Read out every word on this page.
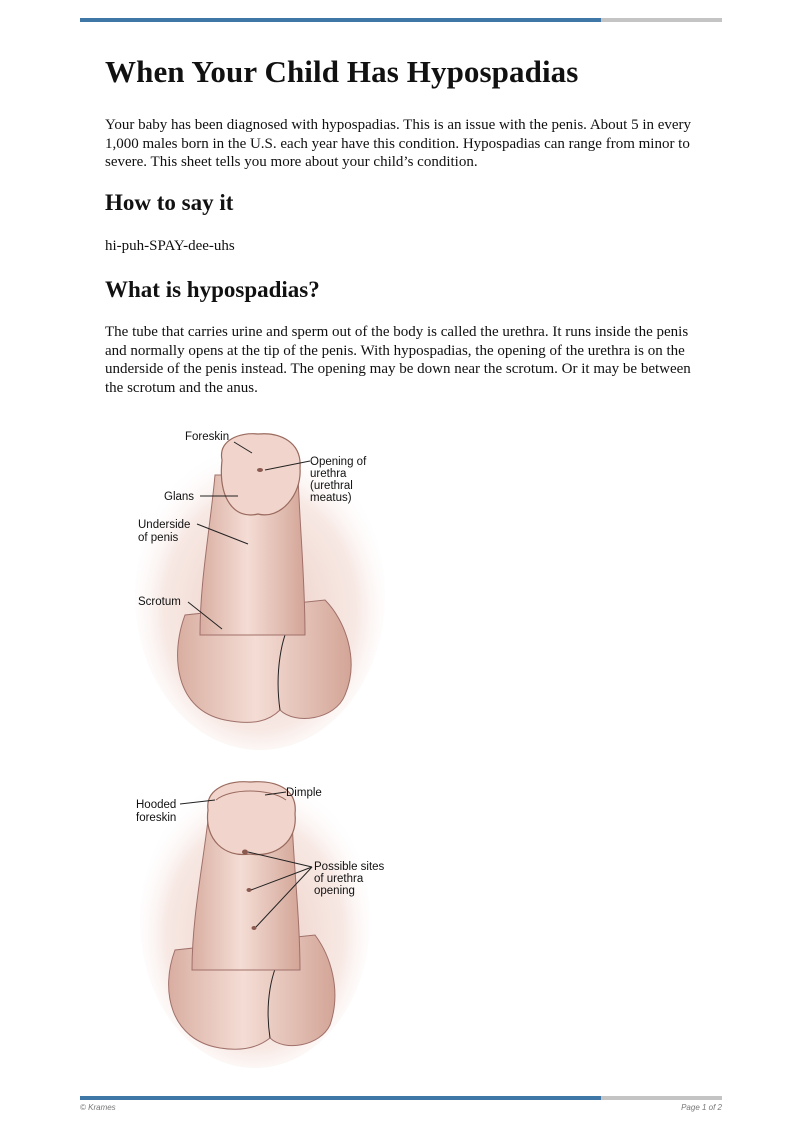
When Your Child Has Hypospadias

Your baby has been diagnosed with hypospadias. This is an issue with the penis. About 5 in every 1,000 males born in the U.S. each year have this condition. Hypospadias can range from minor to severe. This sheet tells you more about your child’s condition.

How to say it

hi-puh-SPAY-dee-uhs

What is hypospadias?

The tube that carries urine and sperm out of the body is called the urethra. It runs inside the penis and normally opens at the tip of the penis. With hypospadias, the opening of the urethra is on the underside of the penis instead. The opening may be down near the scrotum. Or it may be between the scrotum and the anus.

Foreskin
Opening of
urethra
(urethral
meatus)
Glans
Underside
of penis
Scrotum
Dimple
Hooded
foreskin
Possible sites
of urethra
opening
© Krames	Page 1 of 2
